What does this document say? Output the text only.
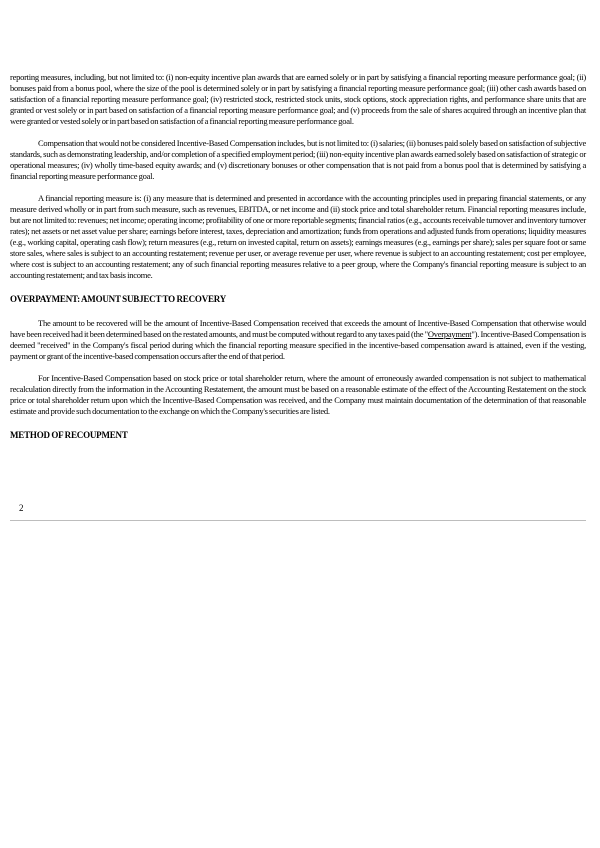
reporting measures, including, but not limited to: (i) non-equity incentive plan awards that are earned solely or in part by satisfying a financial reporting measure performance goal; (ii) bonuses paid from a bonus pool, where the size of the pool is determined solely or in part by satisfying a financial reporting measure performance goal; (iii) other cash awards based on satisfaction of a financial reporting measure performance goal; (iv) restricted stock, restricted stock units, stock options, stock appreciation rights, and performance share units that are granted or vest solely or in part based on satisfaction of a financial reporting measure performance goal; and (v) proceeds from the sale of shares acquired through an incentive plan that were granted or vested solely or in part based on satisfaction of a financial reporting measure performance goal.

Compensation that would not be considered Incentive-Based Compensation includes, but is not limited to: (i) salaries; (ii) bonuses paid solely based on satisfaction of subjective standards, such as demonstrating leadership, and/or completion of a specified employment period; (iii) non-equity incentive plan awards earned solely based on satisfaction of strategic or operational measures; (iv) wholly time-based equity awards; and (v) discretionary bonuses or other compensation that is not paid from a bonus pool that is determined by satisfying a financial reporting measure performance goal.

A financial reporting measure is: (i) any measure that is determined and presented in accordance with the accounting principles used in preparing financial statements, or any measure derived wholly or in part from such measure, such as revenues, EBITDA, or net income and (ii) stock price and total shareholder return. Financial reporting measures include, but are not limited to: revenues; net income; operating income; profitability of one or more reportable segments; financial ratios (e.g., accounts receivable turnover and inventory turnover rates); net assets or net asset value per share; earnings before interest, taxes, depreciation and amortization; funds from operations and adjusted funds from operations; liquidity measures (e.g., working capital, operating cash flow); return measures (e.g., return on invested capital, return on assets); earnings measures (e.g., earnings per share); sales per square foot or same store sales, where sales is subject to an accounting restatement; revenue per user, or average revenue per user, where revenue is subject to an accounting restatement; cost per employee, where cost is subject to an accounting restatement; any of such financial reporting measures relative to a peer group, where the Company's financial reporting measure is subject to an accounting restatement; and tax basis income.

OVERPAYMENT: AMOUNT SUBJECT TO RECOVERY

The amount to be recovered will be the amount of Incentive-Based Compensation received that exceeds the amount of Incentive-Based Compensation that otherwise would have been received had it been determined based on the restated amounts, and must be computed without regard to any taxes paid (the "Overpayment"). Incentive-Based Compensation is deemed "received" in the Company's fiscal period during which the financial reporting measure specified in the incentive-based compensation award is attained, even if the vesting, payment or grant of the incentive-based compensation occurs after the end of that period.

For Incentive-Based Compensation based on stock price or total shareholder return, where the amount of erroneously awarded compensation is not subject to mathematical recalculation directly from the information in the Accounting Restatement, the amount must be based on a reasonable estimate of the effect of the Accounting Restatement on the stock price or total shareholder return upon which the Incentive-Based Compensation was received, and the Company must maintain documentation of the determination of that reasonable estimate and provide such documentation to the exchange on which the Company's securities are listed.

METHOD OF RECOUPMENT

2
